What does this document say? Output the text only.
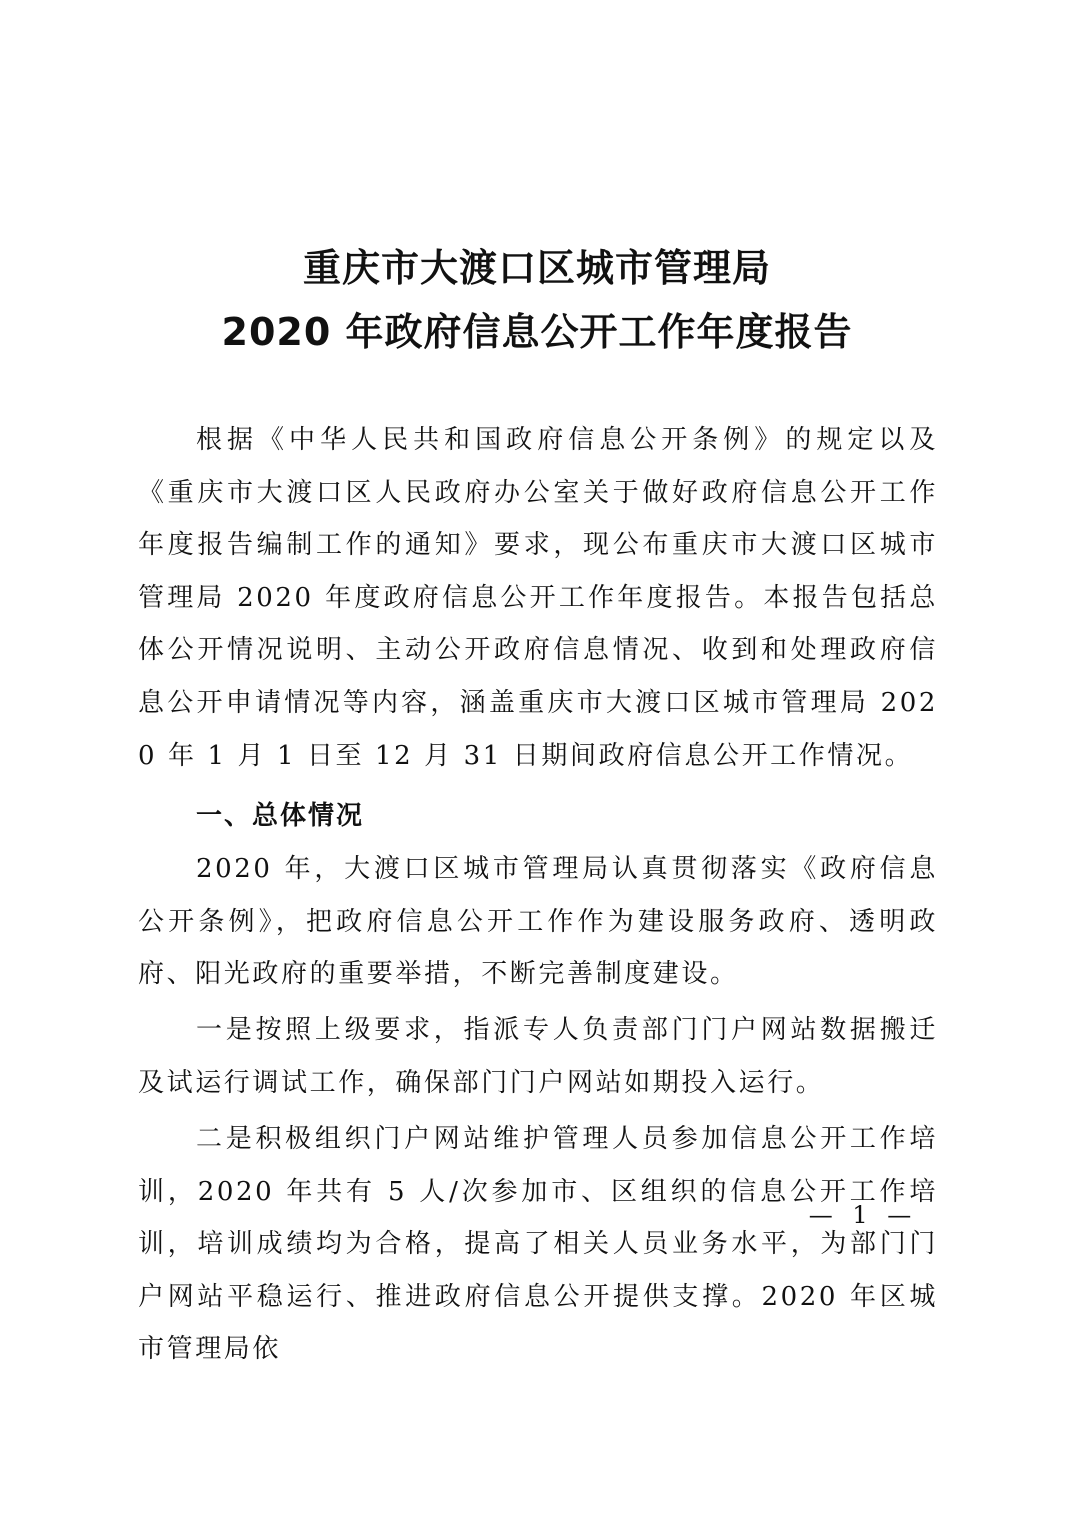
重庆市大渡口区城市管理局
2020 年政府信息公开工作年度报告

根据《中华人民共和国政府信息公开条例》的规定以及《重庆市大渡口区人民政府办公室关于做好政府信息公开工作年度报告编制工作的通知》要求，现公布重庆市大渡口区城市管理局 2020 年度政府信息公开工作年度报告。本报告包括总体公开情况说明、主动公开政府信息情况、收到和处理政府信息公开申请情况等内容，涵盖重庆市大渡口区城市管理局 2020 年 1 月 1 日至 12 月 31 日期间政府信息公开工作情况。

一、总体情况

2020 年，大渡口区城市管理局认真贯彻落实《政府信息公开条例》，把政府信息公开工作作为建设服务政府、透明政府、阳光政府的重要举措，不断完善制度建设。

一是按照上级要求，指派专人负责部门门户网站数据搬迁及试运行调试工作，确保部门门户网站如期投入运行。

二是积极组织门户网站维护管理人员参加信息公开工作培训，2020 年共有 5 人/次参加市、区组织的信息公开工作培训，培训成绩均为合格，提高了相关人员业务水平，为部门门户网站平稳运行、推进政府信息公开提供支撑。2020 年区城市管理局依

— 1 —
